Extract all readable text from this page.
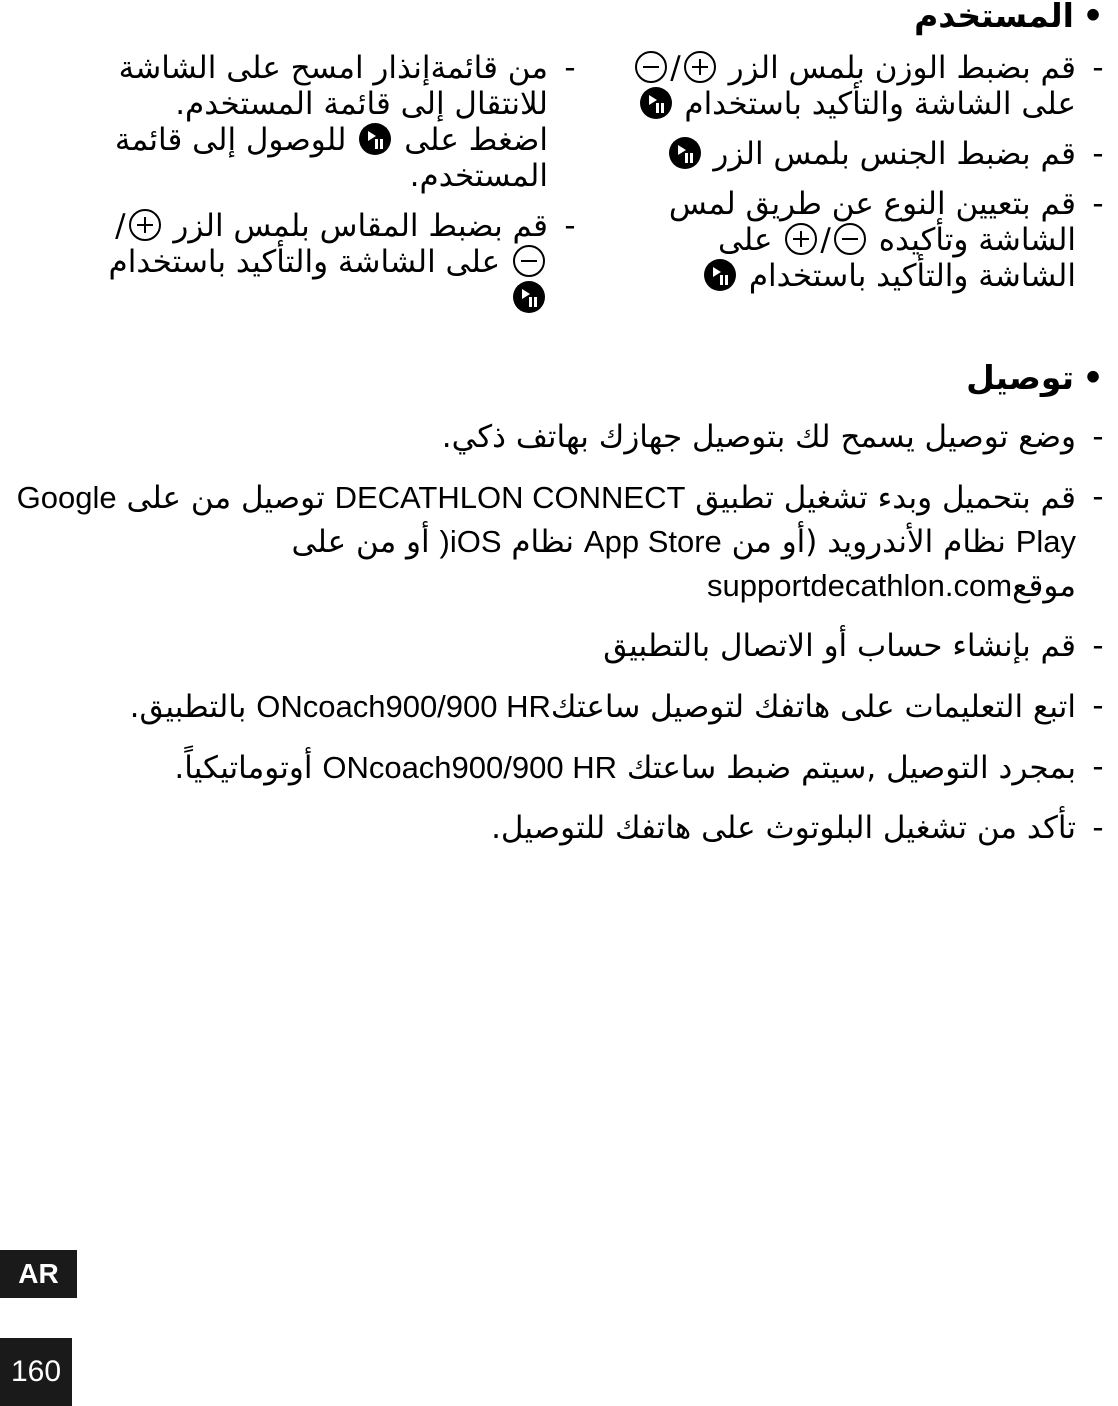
•المستخدم
-
قم بضبط الوزن بلمس الزر
/
على الشاشة والتأكيد باستخدام
-
قم بضبط الجنس بلمس الزر
-
قم بتعيين النوع عن طريق لمس الشاشة وتأكيده
/
على الشاشة والتأكيد باستخدام
-
من قائمةإنذار امسح على الشاشة للانتقال إلى قائمة المستخدم.
اضغط على
للوصول إلى قائمة المستخدم.
-
قم بضبط المقاس بلمس الزر
/
على الشاشة والتأكيد باستخدام
•توصيل
-
وضع توصيل يسمح لك بتوصيل جهازك بهاتف ذكي.
-
قم بتحميل وبدء تشغيل تطبيق DECATHLON CONNECT توصيل من على Google Play نظام الأندرويد (أو من App Store نظام iOS( أو من على موقعsupportdecathlon.com
-
قم بإنشاء حساب أو الاتصال بالتطبيق
-
اتبع التعليمات على هاتفك لتوصيل ساعتكONcoach900/900 HR بالتطبيق.
-
بمجرد التوصيل ,سيتم ضبط ساعتك ONcoach900/900 HR أوتوماتيكياً.
-
تأكد من تشغيل البلوتوث على هاتفك للتوصيل.
AR
160
